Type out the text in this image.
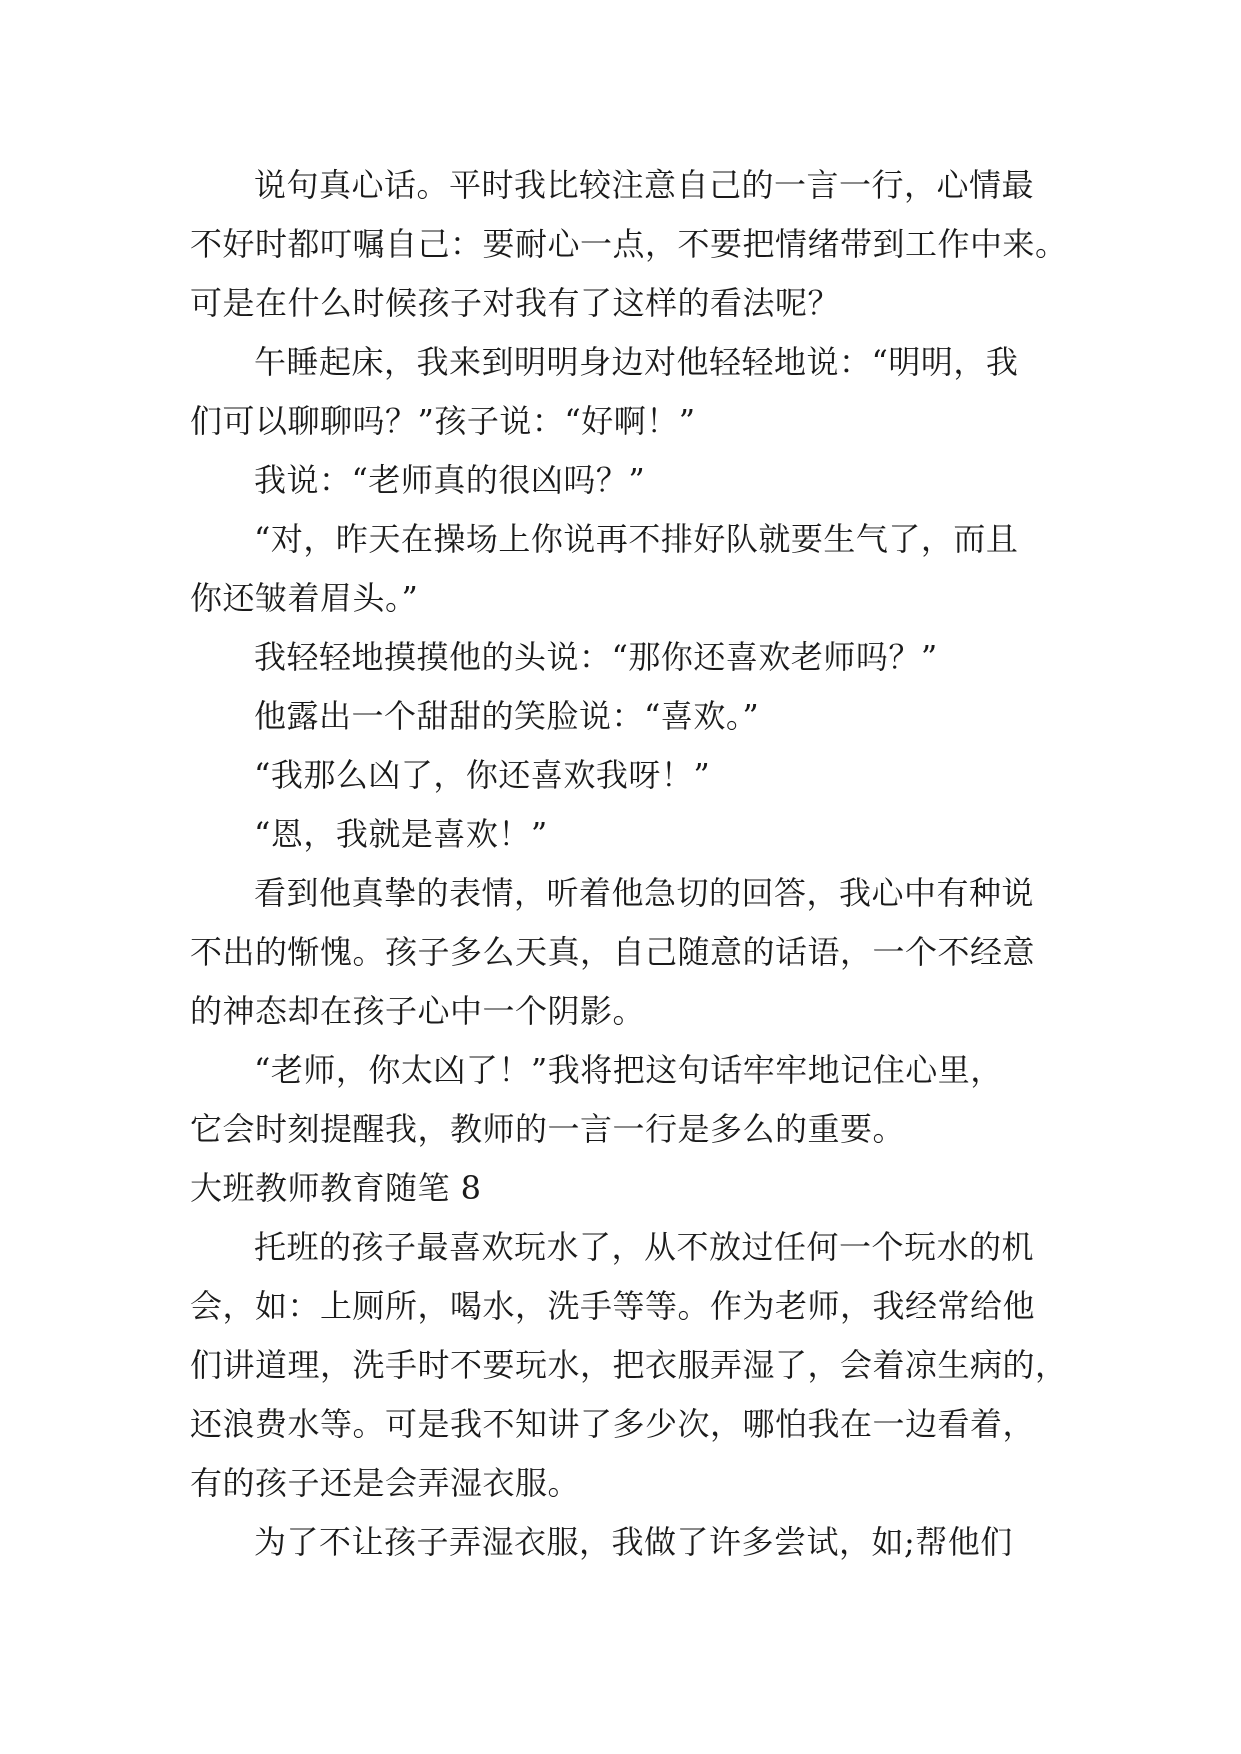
说句真心话。平时我比较注意自己的一言一行，心情最
不好时都叮嘱自己：要耐心一点，不要把情绪带到工作中来。
可是在什么时候孩子对我有了这样的看法呢？
午睡起床，我来到明明身边对他轻轻地说：“明明，我
们可以聊聊吗？”孩子说：“好啊！”
我说：“老师真的很凶吗？”
“对，昨天在操场上你说再不排好队就要生气了，而且
你还皱着眉头。”
我轻轻地摸摸他的头说：“那你还喜欢老师吗？”
他露出一个甜甜的笑脸说：“喜欢。”
“我那么凶了，你还喜欢我呀！”
“恩，我就是喜欢！”
看到他真挚的表情，听着他急切的回答，我心中有种说
不出的惭愧。孩子多么天真，自己随意的话语，一个不经意
的神态却在孩子心中一个阴影。
“老师，你太凶了！”我将把这句话牢牢地记住心里，
它会时刻提醒我，教师的一言一行是多么的重要。
大班教师教育随笔 8
托班的孩子最喜欢玩水了，从不放过任何一个玩水的机
会，如：上厕所，喝水，洗手等等。作为老师，我经常给他
们讲道理，洗手时不要玩水，把衣服弄湿了，会着凉生病的，
还浪费水等。可是我不知讲了多少次，哪怕我在一边看着，
有的孩子还是会弄湿衣服。
为了不让孩子弄湿衣服，我做了许多尝试，如;帮他们
